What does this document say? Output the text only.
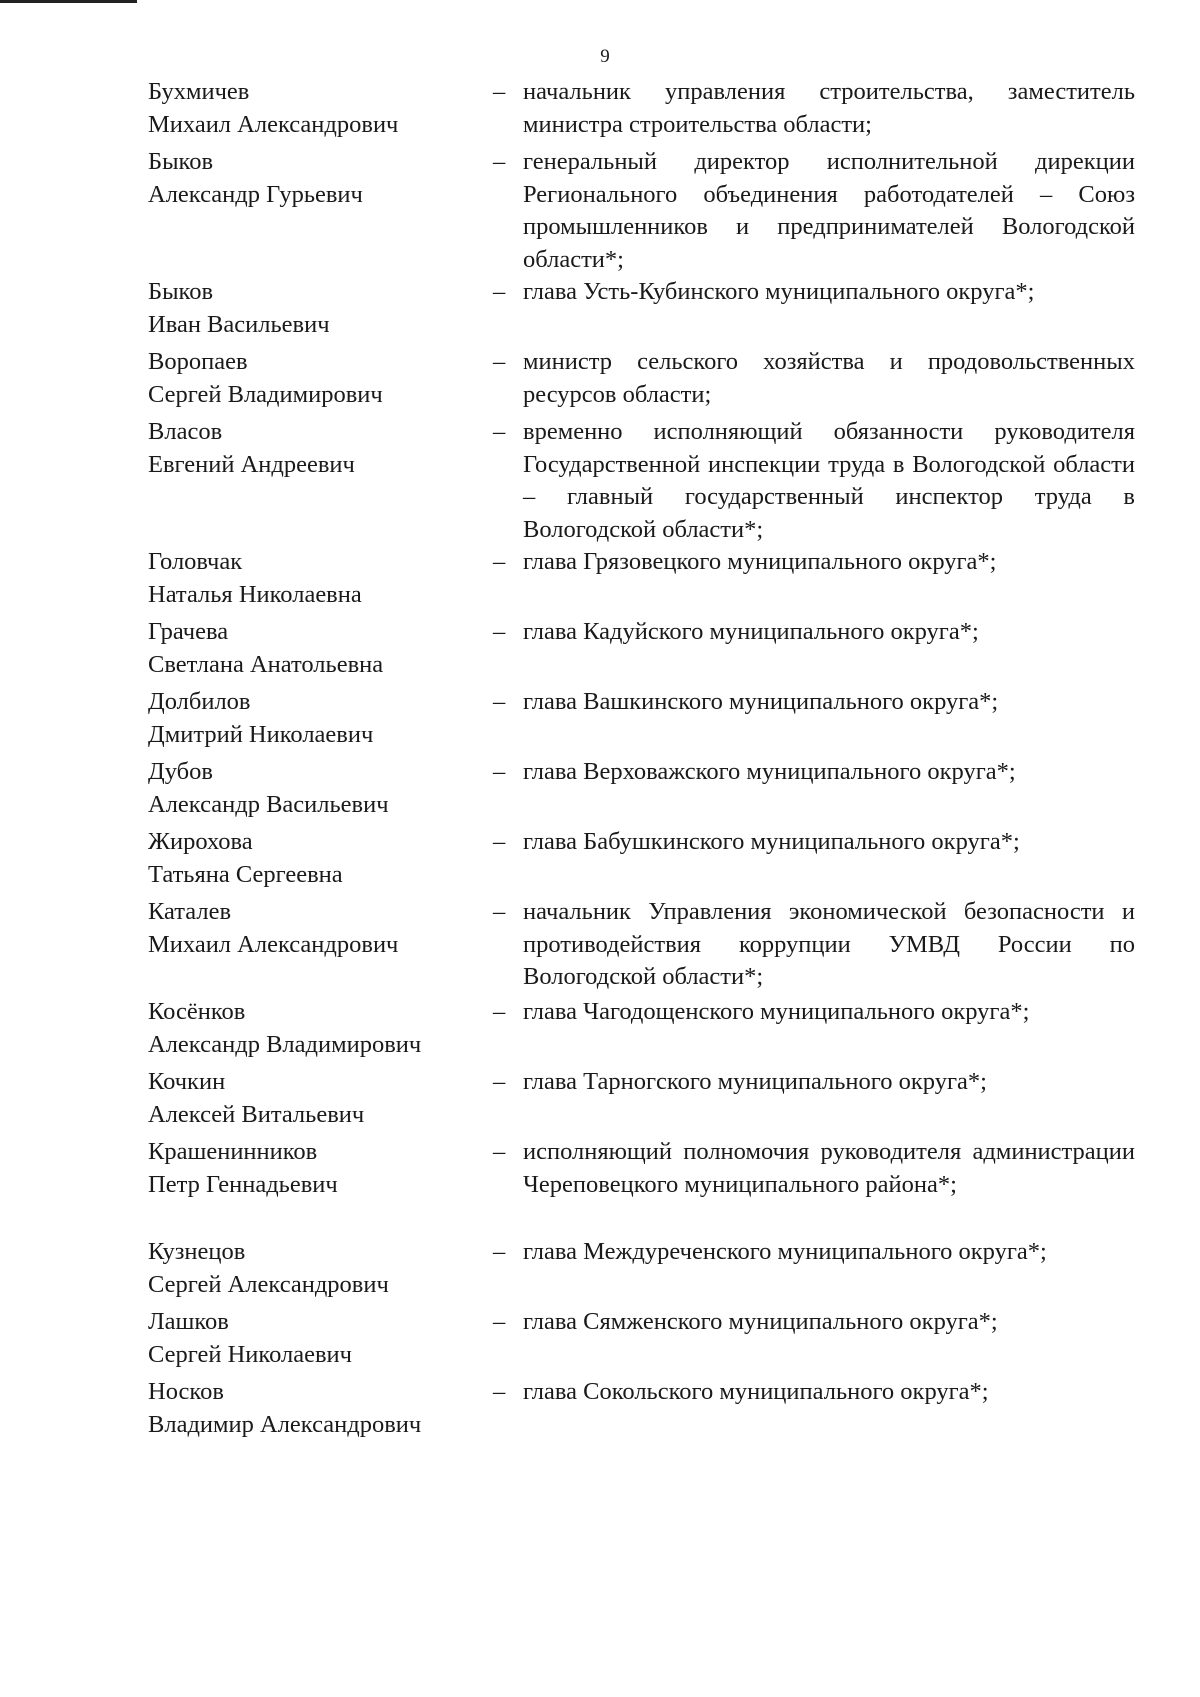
9
Бухмичев
Михаил Александрович
– начальник управления строительства, заместитель министра строительства области;
Быков
Александр Гурьевич
– генеральный директор исполнительной дирекции Регионального объединения работодателей – Союз промышленников и предпринимателей Вологодской области*;
Быков
Иван Васильевич
– глава Усть-Кубинского муниципального округа*;
Воропаев
Сергей Владимирович
– министр сельского хозяйства и продовольственных ресурсов области;
Власов
Евгений Андреевич
– временно исполняющий обязанности руководителя Государственной инспекции труда в Вологодской области – главный государственный инспектор труда в Вологодской области*;
Головчак
Наталья Николаевна
– глава Грязовецкого муниципального округа*;
Грачева
Светлана Анатольевна
– глава Кадуйского муниципального округа*;
Долбилов
Дмитрий Николаевич
– глава Вашкинского муниципального округа*;
Дубов
Александр Васильевич
– глава Верховажского муниципального округа*;
Жирохова
Татьяна Сергеевна
– глава Бабушкинского муниципального округа*;
Каталев
Михаил Александрович
– начальник Управления экономической безопасности и противодействия коррупции УМВД России по Вологодской области*;
Косёнков
Александр Владимирович
– глава Чагодощенского муниципального округа*;
Кочкин
Алексей Витальевич
– глава Тарногского муниципального округа*;
Крашенинников
Петр Геннадьевич
– исполняющий полномочия руководителя администрации Череповецкого муниципального района*;
Кузнецов
Сергей Александрович
– глава Междуреченского муниципального округа*;
Лашков
Сергей Николаевич
– глава Сямженского муниципального округа*;
Носков
Владимир Александрович
– глава Сокольского муниципального округа*;
